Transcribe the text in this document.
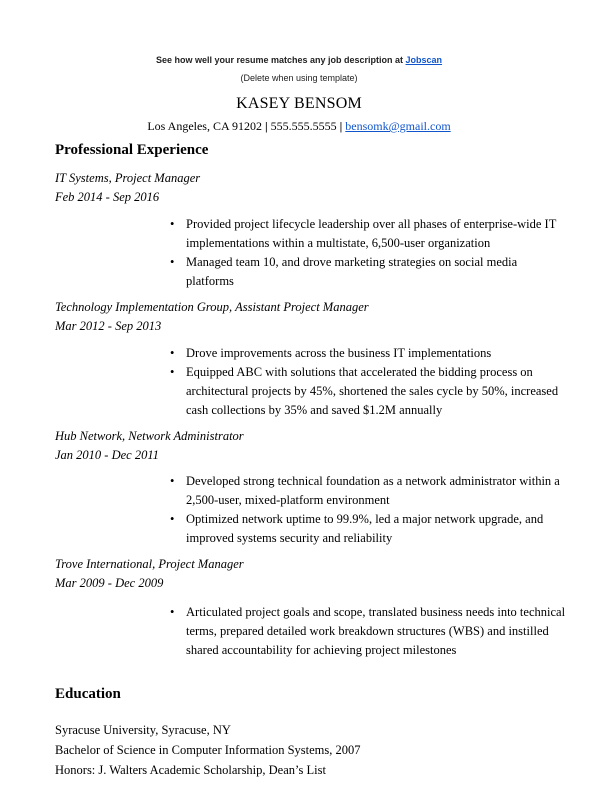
See how well your resume matches any job description at Jobscan
(Delete when using template)
KASEY BENSOM
Los Angeles, CA 91202 | 555.555.5555 | bensomk@gmail.com
Professional Experience
IT Systems, Project Manager
Feb 2014 - Sep 2016
• Provided project lifecycle leadership over all phases of enterprise-wide IT implementations within a multistate, 6,500-user organization
• Managed team 10, and drove marketing strategies on social media platforms
Technology Implementation Group, Assistant Project Manager
Mar 2012 - Sep 2013
• Drove improvements across the business IT implementations
• Equipped ABC with solutions that accelerated the bidding process on architectural projects by 45%, shortened the sales cycle by 50%, increased cash collections by 35% and saved $1.2M annually
Hub Network, Network Administrator
Jan 2010 - Dec 2011
• Developed strong technical foundation as a network administrator within a 2,500-user, mixed-platform environment
• Optimized network uptime to 99.9%, led a major network upgrade, and improved systems security and reliability
Trove International, Project Manager
Mar 2009 - Dec 2009
• Articulated project goals and scope, translated business needs into technical terms, prepared detailed work breakdown structures (WBS) and instilled shared accountability for achieving project milestones
Education
Syracuse University, Syracuse, NY
Bachelor of Science in Computer Information Systems, 2007
Honors: J. Walters Academic Scholarship, Dean’s List
